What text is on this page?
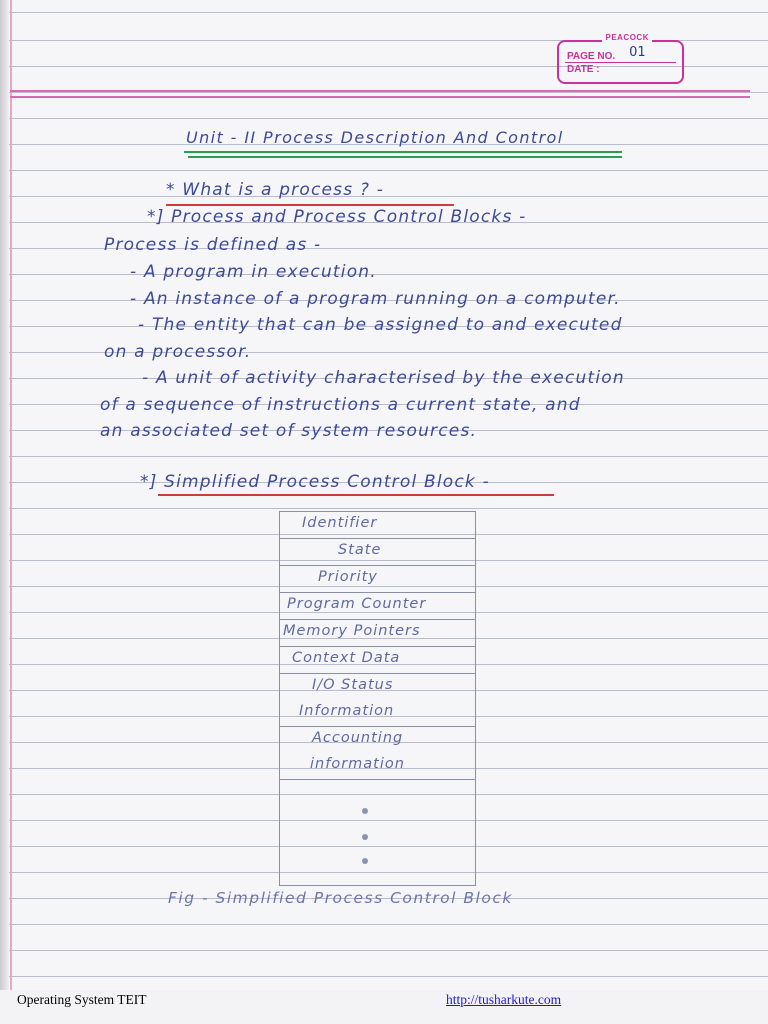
PEACOCK
PAGE NO. 01
DATE :
Unit - II Process Description And Control
* What is a process ? -
*] Process and Process Control Blocks -
Process is defined as -
- A program in execution.
- An instance of a program running on a computer.
- The entity that can be assigned to and executed
on a processor.
- A unit of activity characterised by the execution
of a sequence of instructions a current state, and
an associated set of system resources.
*] Simplified Process Control Block -
Identifier
State
Priority
Program Counter
Memory Pointers
Context Data
I/O Status
Information
Accounting
information
Fig - Simplified Process Control Block
Operating System TEIT	http://tusharkute.com
